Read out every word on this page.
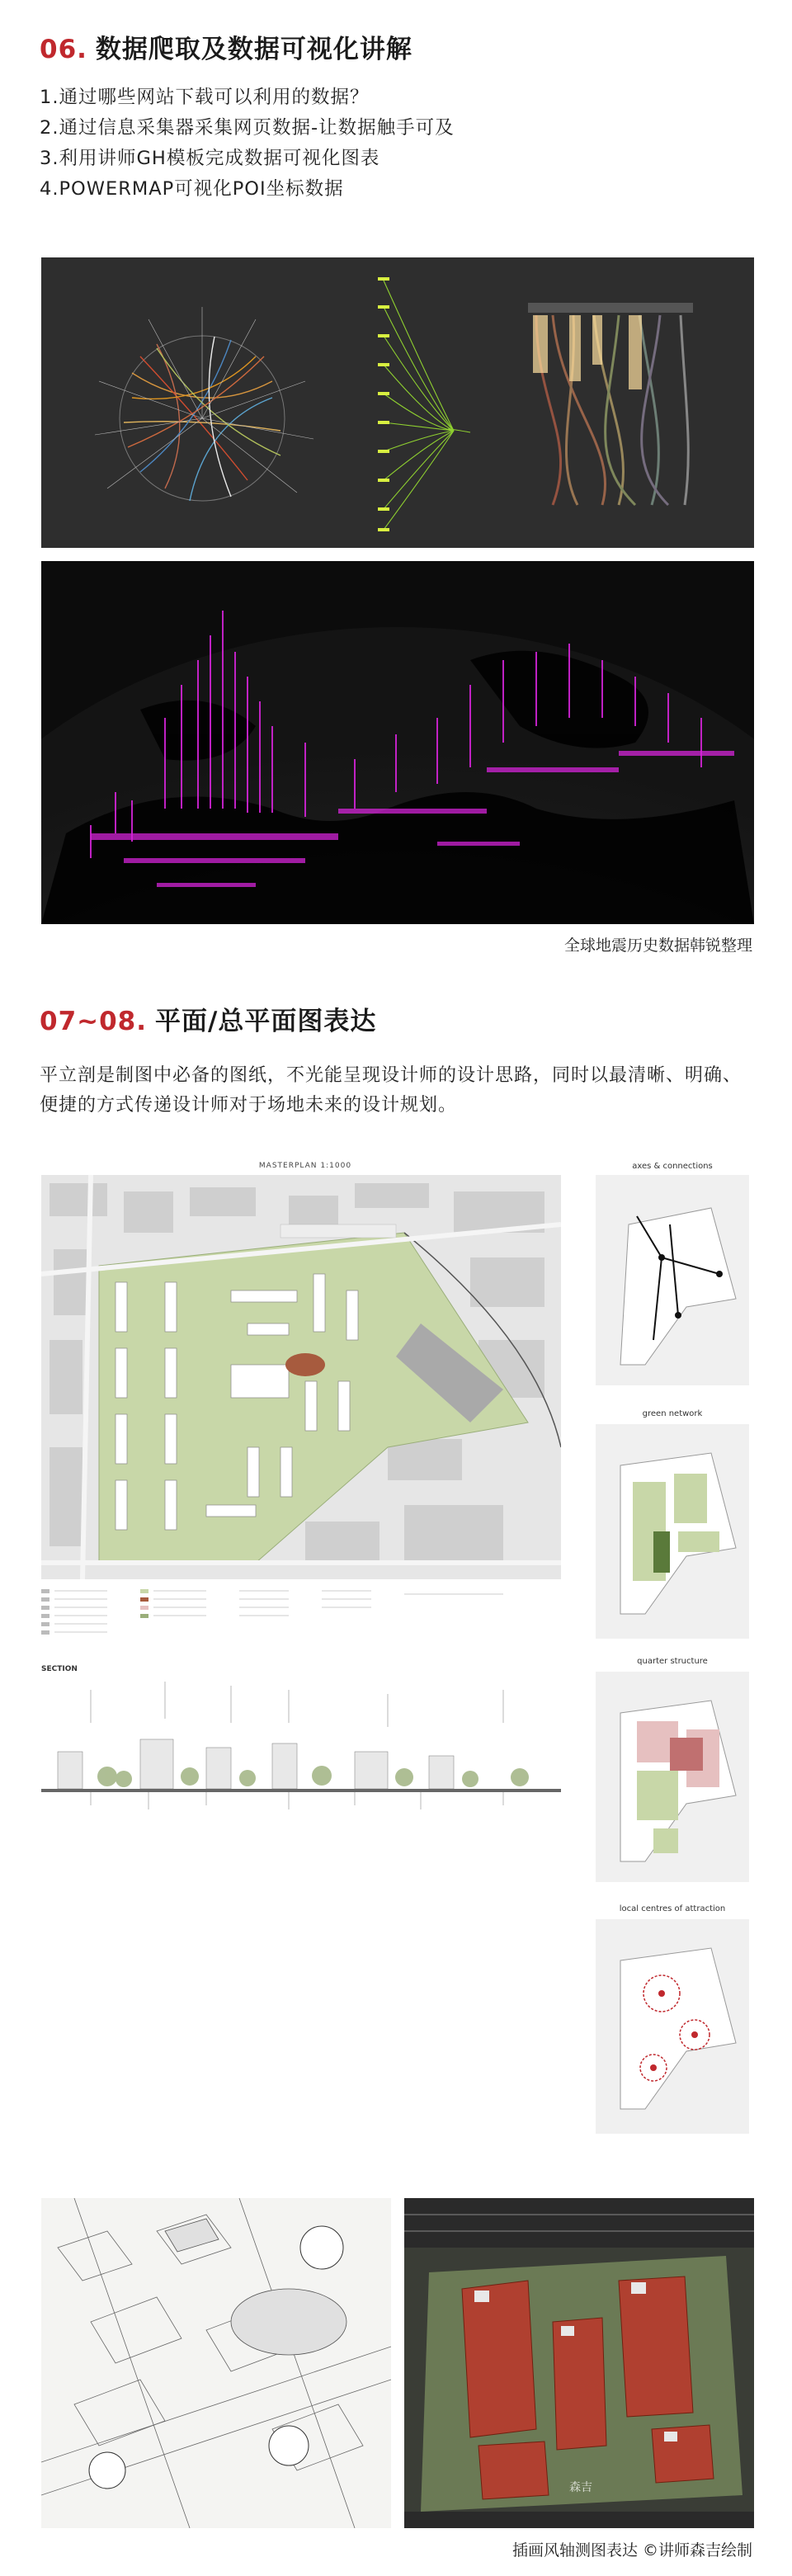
06. 数据爬取及数据可视化讲解
1.通过哪些网站下载可以利用的数据？
2.通过信息采集器采集网页数据-让数据触手可及
3.利用讲师GH模板完成数据可视化图表
4.POWERMAP可视化POI坐标数据
全球地震历史数据韩锐整理
07~08. 平面/总平面图表达
平立剖是制图中必备的图纸，不光能呈现设计师的设计思路，同时以最清晰、明确、便捷的方式传递设计师对于场地未来的设计规划。
MASTERPLAN 1:1000
SECTION
axes & connections
green network
quarter structure
local centres of attraction
森吉
插画风轴测图表达 ©讲师森吉绘制
